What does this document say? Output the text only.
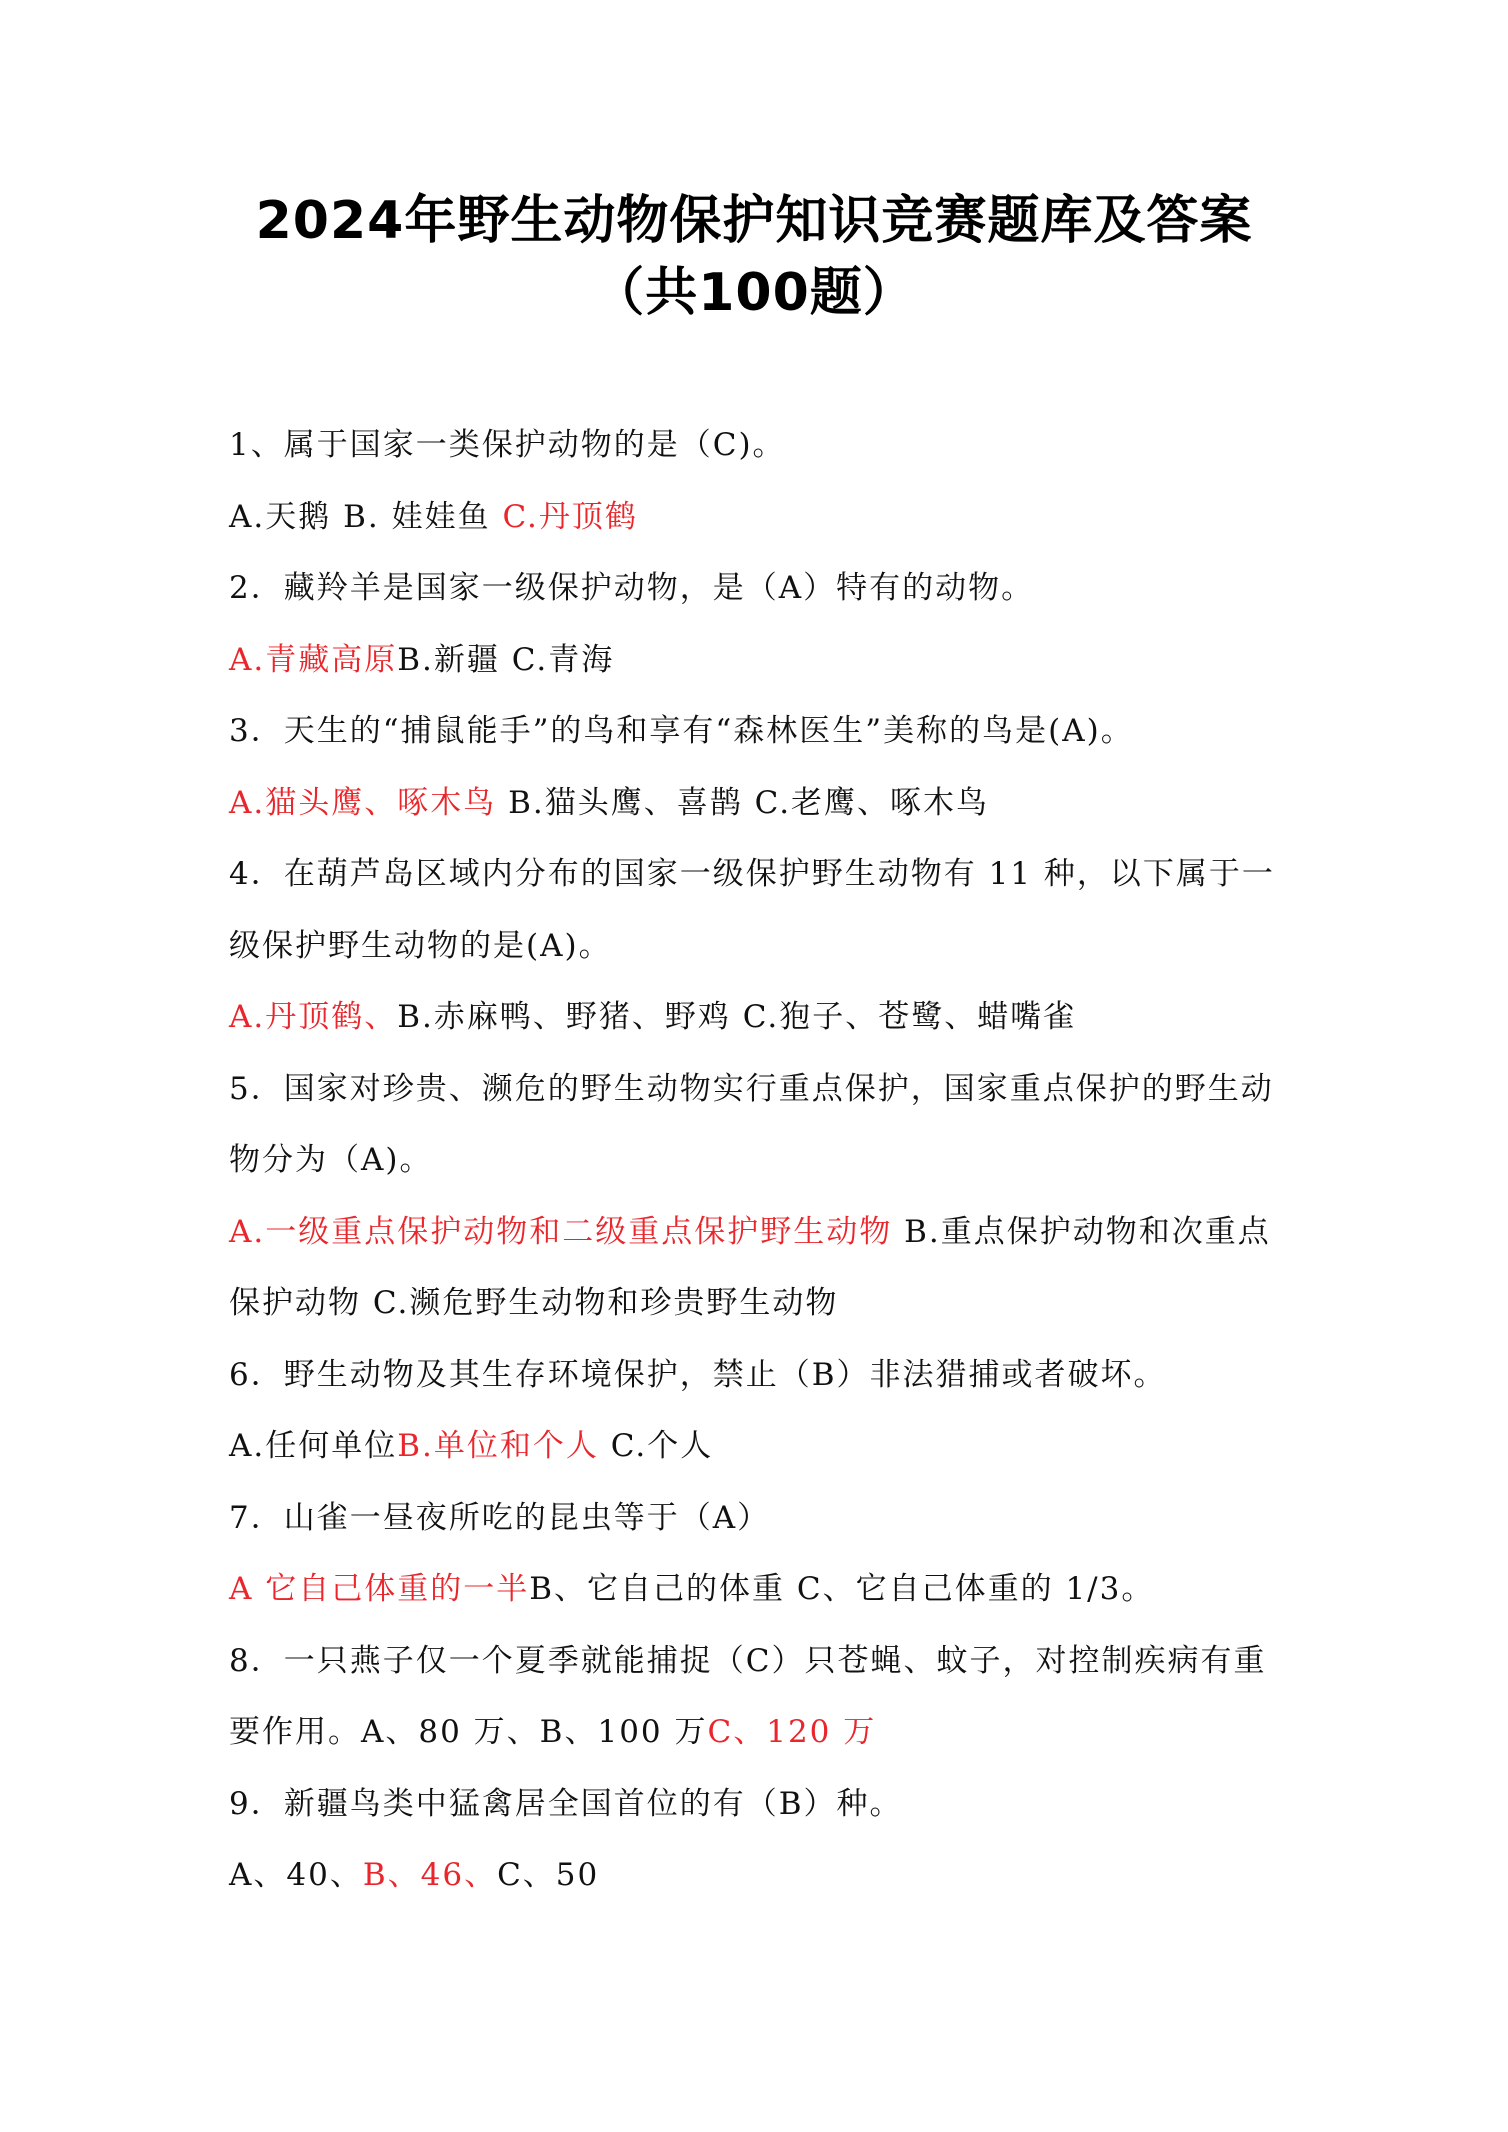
2024年野生动物保护知识竞赛题库及答案
（共100题）
1、属于国家一类保护动物的是（C)。
A.天鹅 B. 娃娃鱼 C.丹顶鹤
2．藏羚羊是国家一级保护动物，是（A）特有的动物。
A.青藏高原B.新疆 C.青海
3．天生的“捕鼠能手”的鸟和享有“森林医生”美称的鸟是(A)。
A.猫头鹰、啄木鸟 B.猫头鹰、喜鹊 C.老鹰、啄木鸟
4．在葫芦岛区域内分布的国家一级保护野生动物有 11 种，以下属于一
级保护野生动物的是(A)。
A.丹顶鹤、B.赤麻鸭、野猪、野鸡 C.狍子、苍鹭、蜡嘴雀
5．国家对珍贵、濒危的野生动物实行重点保护，国家重点保护的野生动
物分为（A)。
A.一级重点保护动物和二级重点保护野生动物 B.重点保护动物和次重点
保护动物 C.濒危野生动物和珍贵野生动物
6．野生动物及其生存环境保护，禁止（B）非法猎捕或者破坏。
A.任何单位B.单位和个人 C.个人
7．山雀一昼夜所吃的昆虫等于（A）
A 它自己体重的一半B、它自己的体重 C、它自己体重的 1/3。
8．一只燕子仅一个夏季就能捕捉（C）只苍蝇、蚊子，对控制疾病有重
要作用。A、80 万、B、100 万C、120 万
9．新疆鸟类中猛禽居全国首位的有（B）种。
A、40、B、46、C、50
